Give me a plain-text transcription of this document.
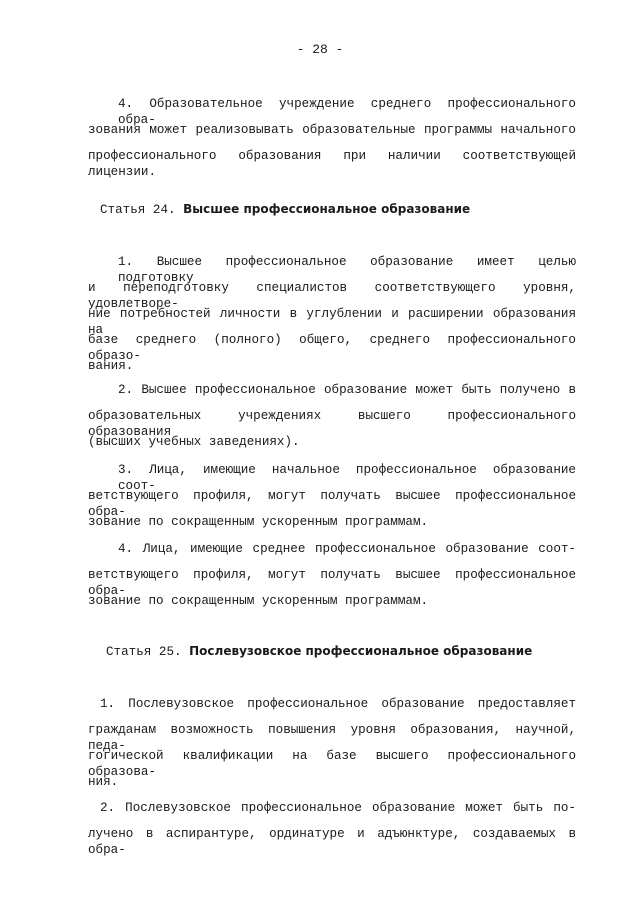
- 28 -
4. Образовательное учреждение среднего профессионального обра-
зования может реализовывать образовательные программы начального
профессионального образования при наличии соответствующей лицензии.
Статья 24. Высшее профессиональное образование
1. Высшее профессиональное образование имеет целью подготовку
и переподготовку специалистов соответствующего уровня, удовлетворе-
ние потребностей личности в углублении и расширении образования на
базе среднего (полного) общего, среднего профессионального образо-
вания.
2. Высшее профессиональное образование может быть получено в
образовательных учреждениях высшего профессионального образования
(высших учебных заведениях).
3. Лица, имеющие начальное профессиональное образование соот-
ветствующего профиля, могут получать высшее профессиональное обра-
зование по сокращенным ускоренным программам.
4. Лица, имеющие среднее профессиональное образование соот-
ветствующего профиля, могут получать высшее профессиональное обра-
зование по сокращенным ускоренным программам.
Статья 25. Послевузовское профессиональное образование
1. Послевузовское профессиональное образование предоставляет
гражданам возможность повышения уровня образования, научной, педа-
гогической квалификации на базе высшего профессионального образова-
ния.
2. Послевузовское профессиональное образование может быть по-
лучено в аспирантуре, ординатуре и адъюнктуре, создаваемых в обра-
